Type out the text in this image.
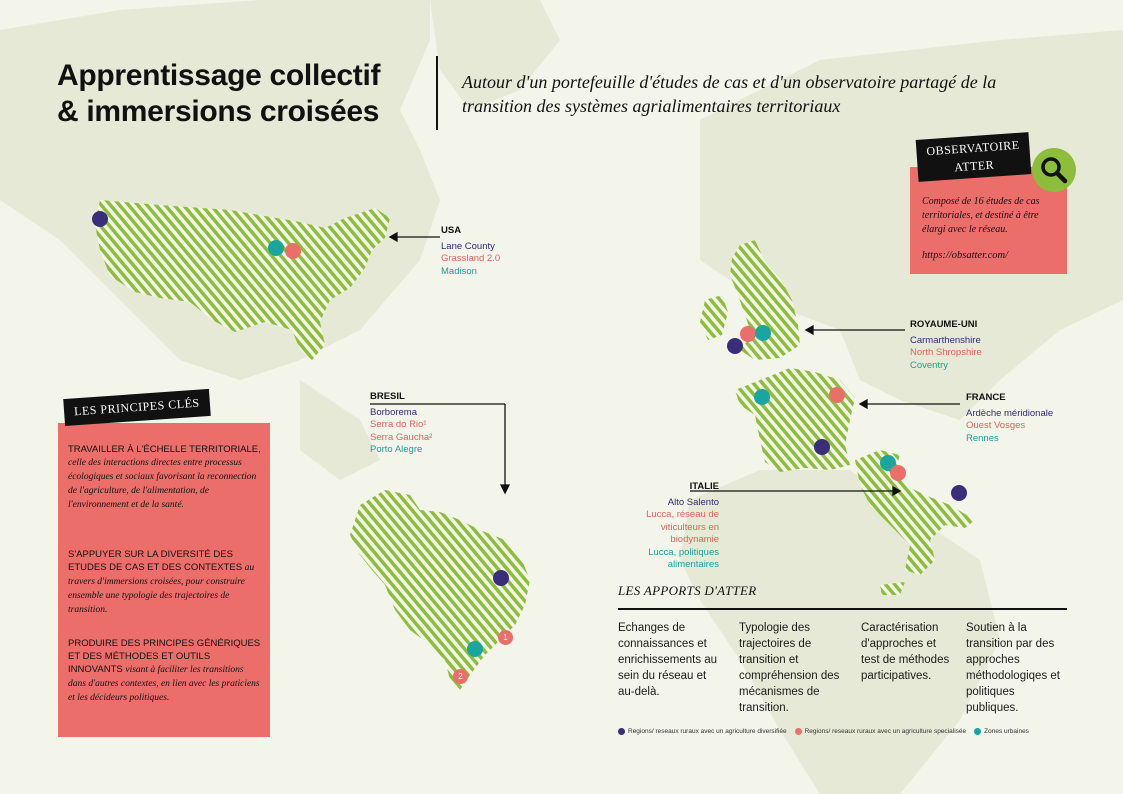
1
2
Apprentissage collectif
& immersions croisées
Autour d'un portefeuille d'études de cas et d'un observatoire partagé de la transition des systèmes agrialimentaires territoriaux
USA
Lane County
Grassland 2.0
Madison
BRESIL
Borborema
Serra do Rio¹
Serra Gaucha²
Porto Alegre
ROYAUME-UNI
Carmarthenshire
North Shropshire
Coventry
FRANCE
Ardèche méridionale
Ouest Vosges
Rennes
ITALIE
Alto Salento
Lucca, réseau de viticulteurs en biodynamie
Lucca, politiques alimentaires
TRAVAILLER À L'ÉCHELLE TERRITORIALE, celle des interactions directes entre processus écologiques et sociaux favorisant la reconnection de l'agriculture, de l'alimentation, de l'environnement et de la santé.
S'APPUYER SUR LA DIVERSITÉ DES ETUDES DE CAS ET DES CONTEXTES au travers d'immersions croisées, pour construire ensemble une typologie des trajectoires de transition.
PRODUIRE DES PRINCIPES GÉNÉRIQUES ET DES MÉTHODES ET OUTILS INNOVANTS visant à faciliter les transitions dans d'autres contextes, en lien avec les praticiens et les décideurs politiques.
LES PRINCIPES CLÉS
Composé de 16 études de cas territoriales, et destiné à être élargi avec le réseau.
https://obsatter.com/
OBSERVATOIRE
ATTER
LES APPORTS D'ATTER
Echanges de connaissances et enrichissements au sein du réseau et au-delà.
Typologie des trajectoires de transition et compréhension des mécanismes de transition.
Caractérisation d'approches et test de méthodes participatives.
Soutien à la transition par des approches méthodologiqes et politiques publiques.
Regions/ reseaux ruraux avec un agriculture diversifiée	Regions/ reseaux ruraux avec un agriculture specialisée	Zones urbaines
